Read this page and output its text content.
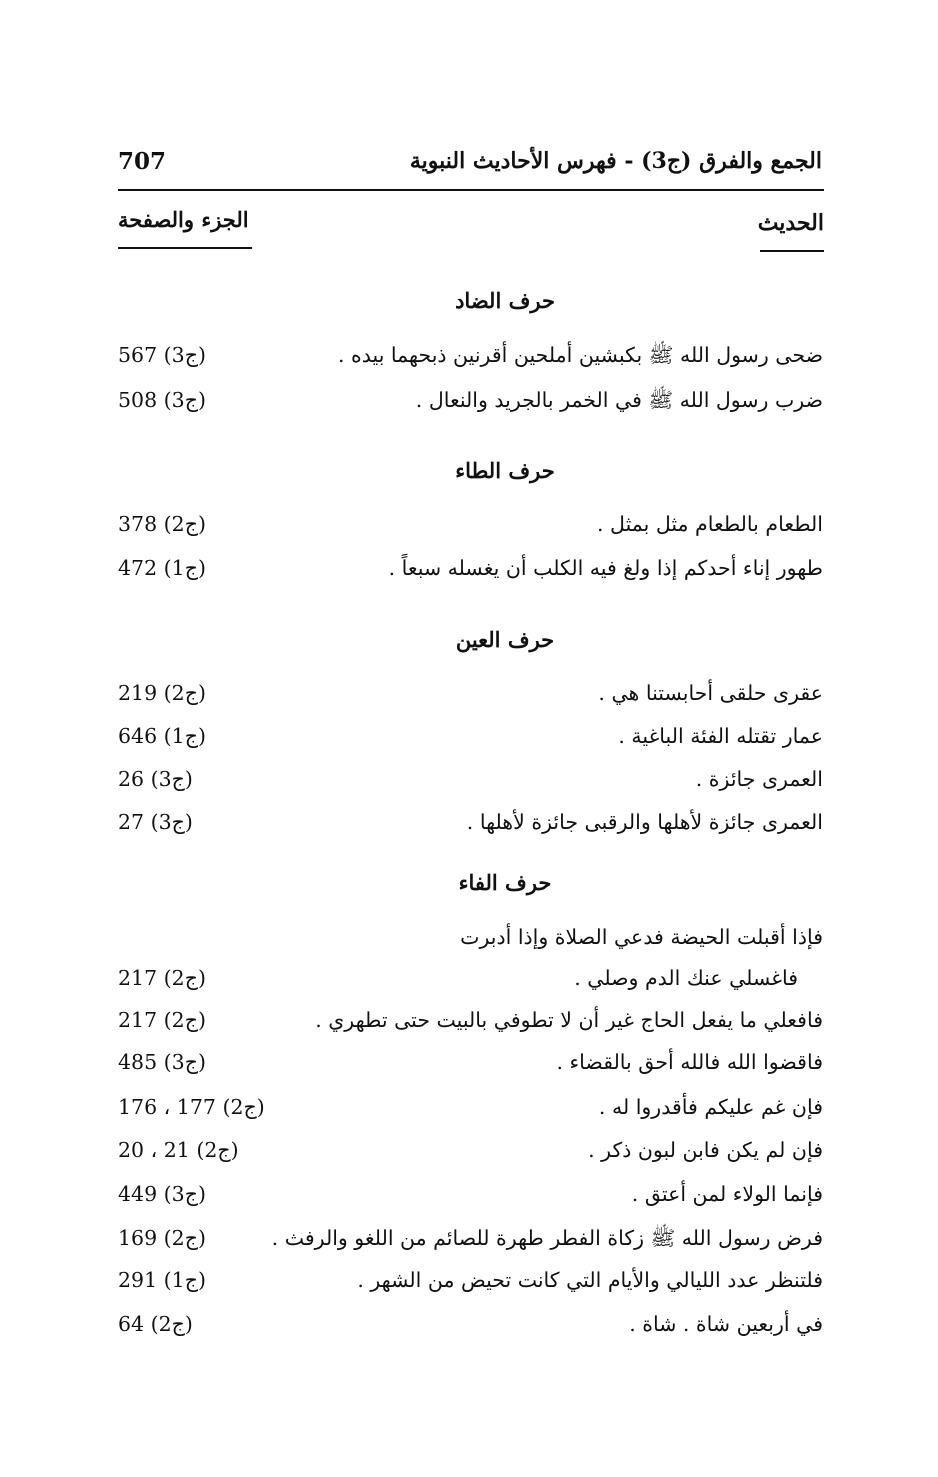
الجمع والفرق (ج3) - فهرس الأحاديث النبوية
707
الحديث
الجزء والصفحة
حرف الضاد
ضحى رسول الله ﷺ بكبشين أملحين أقرنين ذبحهما بيده .
567 (ج3)
ضرب رسول الله ﷺ في الخمر بالجريد والنعال .
508 (ج3)
حرف الطاء
الطعام بالطعام مثل بمثل .
378 (ج2)
طهور إناء أحدكم إذا ولغ فيه الكلب أن يغسله سبعاً .
472 (ج1)
حرف العين
عقرى حلقى أحابستنا هي .
219 (ج2)
عمار تقتله الفئة الباغية .
646 (ج1)
العمرى جائزة .
26 (ج3)
العمرى جائزة لأهلها والرقبى جائزة لأهلها .
27 (ج3)
حرف الفاء
فإذا أقبلت الحيضة فدعي الصلاة وإذا أدبرت
فاغسلي عنك الدم وصلي .
217 (ج2)
فافعلي ما يفعل الحاج غير أن لا تطوفي بالبيت حتى تطهري .
217 (ج2)
فاقضوا الله فالله أحق بالقضاء .
485 (ج3)
فإن غم عليكم فأقدروا له .
176 ، 177 (ج2)
فإن لم يكن فابن لبون ذكر .
20 ، 21 (ج2)
فإنما الولاء لمن أعتق .
449 (ج3)
فرض رسول الله ﷺ زكاة الفطر طهرة للصائم من اللغو والرفث .
169 (ج2)
فلتنظر عدد الليالي والأيام التي كانت تحيض من الشهر .
291 (ج1)
في أربعين شاة . شاة .
64 (ج2)
